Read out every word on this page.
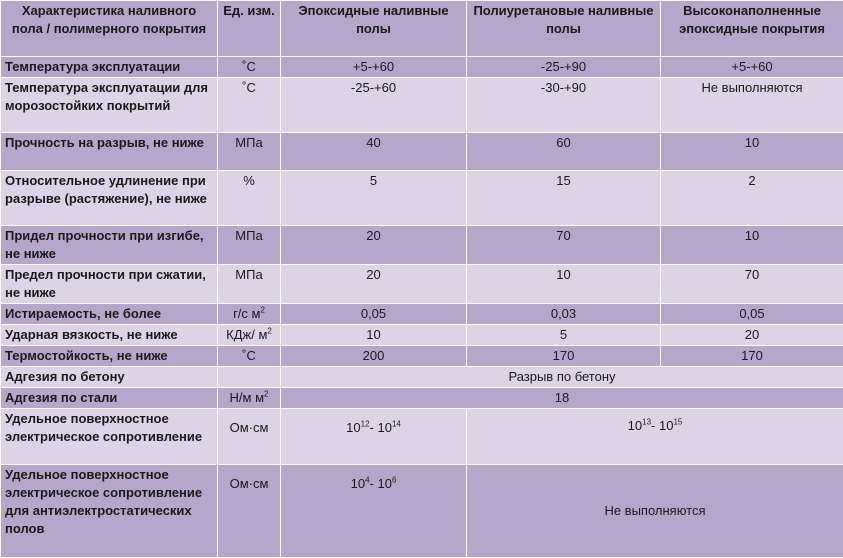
Характеристика наливного пола / полимерного покрытия	Ед. изм.	Эпоксидные наливные полы	Полиуретановые наливные полы	Высоконаполненные эпоксидные покрытия
Температура эксплуатации	˚С	+5-+60	-25-+90	+5-+60
Температура эксплуатации для морозостойких покрытий	˚С	-25-+60	-30-+90	Не выполняются
Прочность на разрыв, не ниже	МПа	40	60	10
Относительное удлинение при разрыве (растяжение), не ниже	%	5	15	2
Придел прочности при изгибе, не ниже	МПа	20	70	10
Предел прочности при сжатии, не ниже	МПа	20	10	70
Истираемость, не более	г/с $м^2$	0,05	0,03	0,05
Ударная вязкость, не ниже	КДж/ $м^2$	10	5	20
Термостойкость, не ниже	˚С	200	170	170
Адгезия по бетону		Разрыв по бетону		
Адгезия по стали	Н/м $м^2$	18		
Удельное поверхностное электрическое сопротивление	Ом·см	$10^{12}-$ $10^{14}$	$10^{13}-$ $10^{15}$
Удельное поверхностное электрическое сопротивление для антиэлектростатических полов	Ом·см	$10^4-$ $10^6$	Не выполняются	
